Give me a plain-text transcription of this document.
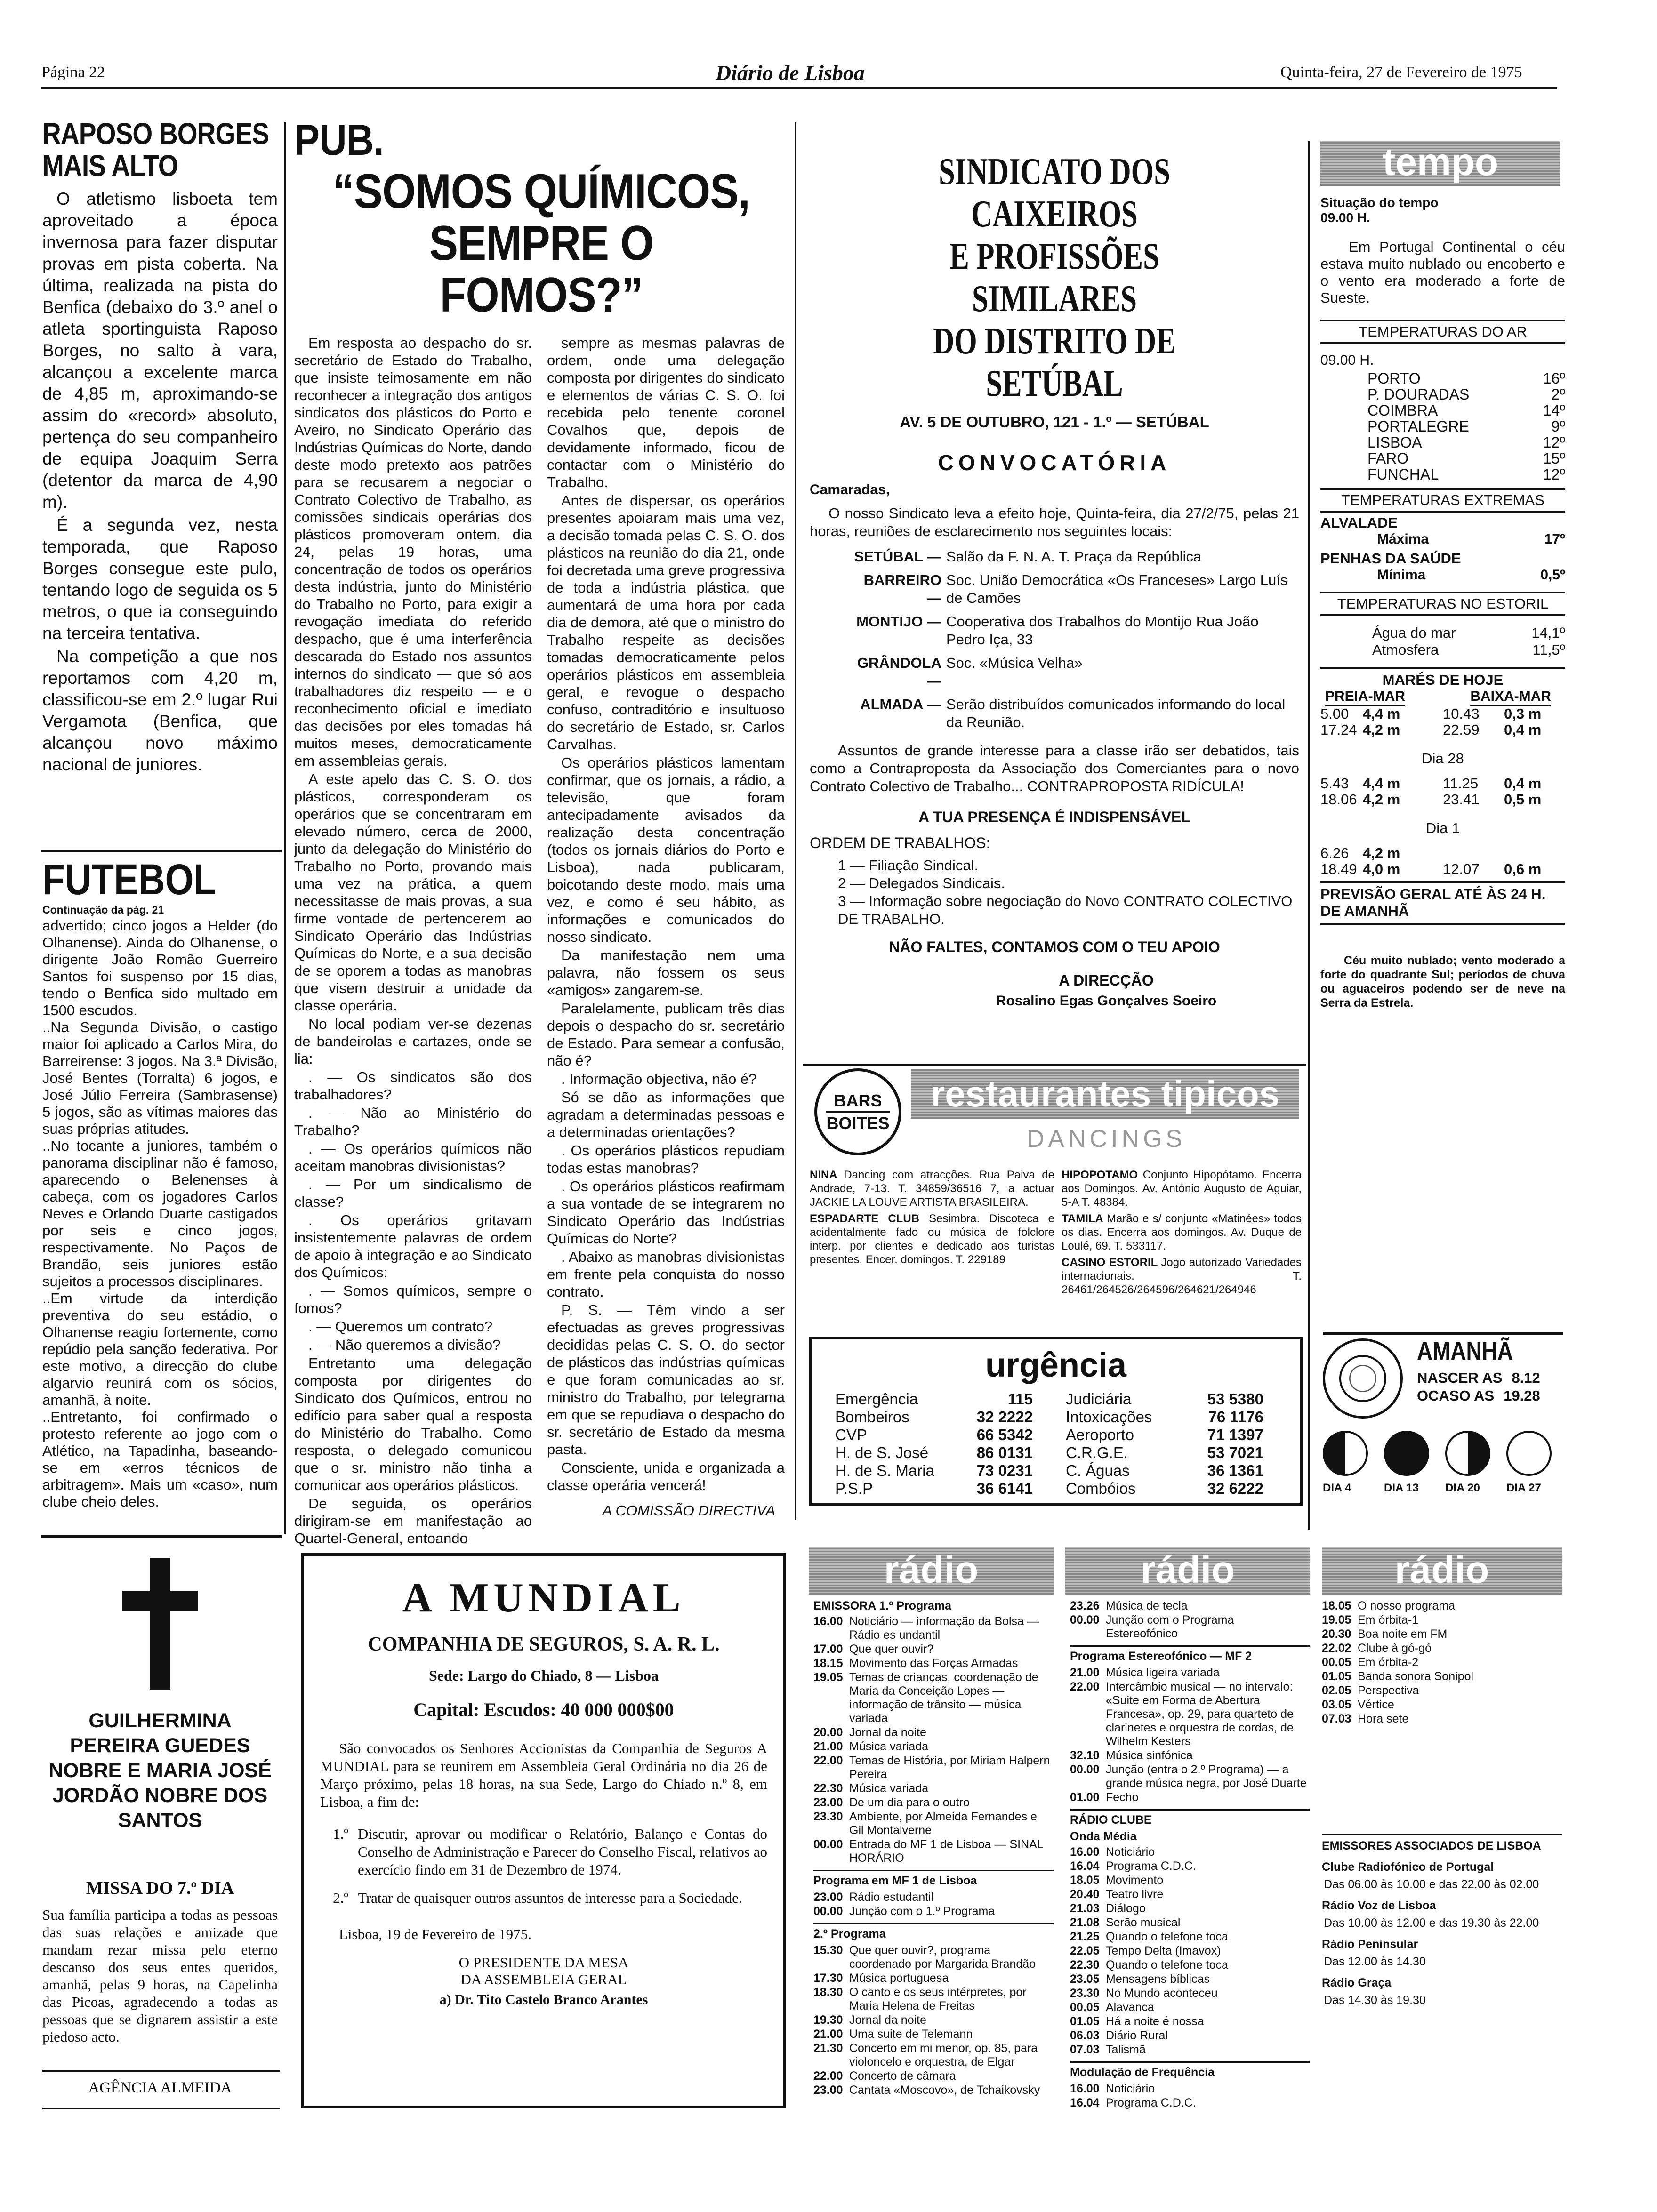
Página 22	Diário de Lisboa	Quinta-feira, 27 de Fevereiro de 1975
RAPOSO BORGES MAIS ALTO

O atletismo lisboeta tem aproveitado a época invernosa para fazer disputar provas em pista coberta. Na última, realizada na pista do Benfica (debaixo do 3.º anel o atleta sportinguista Raposo Borges, no salto à vara, alcançou a excelente marca de 4,85 m, aproximando-se assim do «record» absoluto, pertença do seu companheiro de equipa Joaquim Serra (detentor da marca de 4,90 m).

É a segunda vez, nesta temporada, que Raposo Borges consegue este pulo, tentando logo de seguida os 5 metros, o que ia conseguindo na terceira tentativa.

Na competição a que nos reportamos com 4,20 m, classificou-se em 2.º lugar Rui Vergamota (Benfica, que alcançou novo máximo nacional de juniores.

FUTEBOL
Continuação da pág. 21

advertido; cinco jogos a Helder (do Olhanense). Ainda do Olhanense, o dirigente João Romão Guerreiro Santos foi suspenso por 15 dias, tendo o Benfica sido multado em 1500 escudos.

..Na Segunda Divisão, o castigo maior foi aplicado a Carlos Mira, do Barreirense: 3 jogos. Na 3.ª Divisão, José Bentes (Torralta) 6 jogos, e José Júlio Ferreira (Sambrasense) 5 jogos, são as vítimas maiores das suas próprias atitudes.

..No tocante a juniores, também o panorama disciplinar não é famoso, aparecendo o Belenenses à cabeça, com os jogadores Carlos Neves e Orlando Duarte castigados por seis e cinco jogos, respectivamente. No Paços de Brandão, seis juniores estão sujeitos a processos disciplinares.

..Em virtude da interdição preventiva do seu estádio, o Olhanense reagiu fortemente, como repúdio pela sanção federativa. Por este motivo, a direcção do clube algarvio reunirá com os sócios, amanhã, à noite.

..Entretanto, foi confirmado o protesto referente ao jogo com o Atlético, na Tapadinha, baseando-se em «erros técnicos de arbitragem». Mais um «caso», num clube cheio deles.

GUILHERMINA PEREIRA GUEDES NOBRE E MARIA JOSÉ JORDÃO NOBRE DOS SANTOS
MISSA DO 7.º DIA

Sua família participa a todas as pessoas das suas relações e amizade que mandam rezar missa pelo eterno descanso dos seus entes queridos, amanhã, pelas 9 horas, na Capelinha das Picoas, agradecendo a todas as pessoas que se dignarem assistir a este piedoso acto.

AGÊNCIA ALMEIDA
PUB.
“SOMOS QUÍMICOS, SEMPRE O FOMOS?”

Em resposta ao despacho do sr. secretário de Estado do Trabalho, que insiste teimosamente em não reconhecer a integração dos antigos sindicatos dos plásticos do Porto e Aveiro, no Sindicato Operário das Indústrias Químicas do Norte, dando deste modo pretexto aos patrões para se recusarem a negociar o Contrato Colectivo de Trabalho, as comissões sindicais operárias dos plásticos promoveram ontem, dia 24, pelas 19 horas, uma concentração de todos os operários desta indústria, junto do Ministério do Trabalho no Porto, para exigir a revogação imediata do referido despacho, que é uma interferência descarada do Estado nos assuntos internos do sindicato — que só aos trabalhadores diz respeito — e o reconhecimento oficial e imediato das decisões por eles tomadas há muitos meses, democraticamente em assembleias gerais.

A este apelo das C. S. O. dos plásticos, corresponderam os operários que se concentraram em elevado número, cerca de 2000, junto da delegação do Ministério do Trabalho no Porto, provando mais uma vez na prática, a quem necessitasse de mais provas, a sua firme vontade de pertencerem ao Sindicato Operário das Indústrias Químicas do Norte, e a sua decisão de se oporem a todas as manobras que visem destruir a unidade da classe operária.

No local podiam ver-se dezenas de bandeirolas e cartazes, onde se lia:

. — Os sindicatos são dos trabalhadores?

. — Não ao Ministério do Trabalho?

. — Os operários químicos não aceitam manobras divisionistas?

. — Por um sindicalismo de classe?

. Os operários gritavam insistentemente palavras de ordem de apoio à integração e ao Sindicato dos Químicos:

. — Somos químicos, sempre o fomos?

. — Queremos um contrato?

. — Não queremos a divisão?

Entretanto uma delegação composta por dirigentes do Sindicato dos Químicos, entrou no edifício para saber qual a resposta do Ministério do Trabalho. Como resposta, o delegado comunicou que o sr. ministro não tinha a comunicar aos operários plásticos.

De seguida, os operários dirigiram-se em manifestação ao Quartel-General, entoando

sempre as mesmas palavras de ordem, onde uma delegação composta por dirigentes do sindicato e elementos de várias C. S. O. foi recebida pelo tenente coronel Covalhos que, depois de devidamente informado, ficou de contactar com o Ministério do Trabalho.

Antes de dispersar, os operários presentes apoiaram mais uma vez, a decisão tomada pelas C. S. O. dos plásticos na reunião do dia 21, onde foi decretada uma greve progressiva de toda a indústria plástica, que aumentará de uma hora por cada dia de demora, até que o ministro do Trabalho respeite as decisões tomadas democraticamente pelos operários plásticos em assembleia geral, e revogue o despacho confuso, contraditório e insultuoso do secretário de Estado, sr. Carlos Carvalhas.

Os operários plásticos lamentam confirmar, que os jornais, a rádio, a televisão, que foram antecipadamente avisados da realização desta concentração (todos os jornais diários do Porto e Lisboa), nada publicaram, boicotando deste modo, mais uma vez, e como é seu hábito, as informações e comunicados do nosso sindicato.

Da manifestação nem uma palavra, não fossem os seus «amigos» zangarem-se.

Paralelamente, publicam três dias depois o despacho do sr. secretário de Estado. Para semear a confusão, não é?

. Informação objectiva, não é?

Só se dão as informações que agradam a determinadas pessoas e a determinadas orientações?

. Os operários plásticos repudiam todas estas manobras?

. Os operários plásticos reafirmam a sua vontade de se integrarem no Sindicato Operário das Indústrias Químicas do Norte?

. Abaixo as manobras divisionistas em frente pela conquista do nosso contrato.

P. S. — Têm vindo a ser efectuadas as greves progressivas decididas pelas C. S. O. do sector de plásticos das indústrias químicas e que foram comunicadas ao sr. ministro do Trabalho, por telegrama em que se repudiava o despacho do sr. secretário de Estado da mesma pasta.

Consciente, unida e organizada a classe operária vencerá!

A COMISSÃO DIRECTIVA

A MUNDIAL
COMPANHIA DE SEGUROS, S. A. R. L.
Sede: Largo do Chiado, 8 — Lisboa
Capital: Escudos: 40 000 000$00

São convocados os Senhores Accionistas da Companhia de Seguros A MUNDIAL para se reunirem em Assembleia Geral Ordinária no dia 26 de Março próximo, pelas 18 horas, na sua Sede, Largo do Chiado n.º 8, em Lisboa, a fim de:

1.º Discutir, aprovar ou modificar o Relatório, Balanço e Contas do Conselho de Administração e Parecer do Conselho Fiscal, relativos ao exercício findo em 31 de Dezembro de 1974.
2.º Tratar de quaisquer outros assuntos de interesse para a Sociedade.
Lisboa, 19 de Fevereiro de 1975.
O PRESIDENTE DA MESA
DA ASSEMBLEIA GERAL
a) Dr. Tito Castelo Branco Arantes
SINDICATO DOS CAIXEIROS
E PROFISSÕES SIMILARES
DO DISTRITO DE SETÚBAL
AV. 5 DE OUTUBRO, 121 - 1.º — SETÚBAL
CONVOCATÓRIA
Camaradas,

O nosso Sindicato leva a efeito hoje, Quinta-feira, dia 27/2/75, pelas 21 horas, reuniões de esclarecimento nos seguintes locais:

SETÚBAL — Salão da F. N. A. T. Praça da República
BARREIRO —
Soc. União Democrática «Os Franceses» Largo Luís de Camões
MONTIJO — Cooperativa dos Trabalhos do Montijo Rua João Pedro Iça, 33
GRÂNDOLA —
Soc. «Música Velha»
ALMADA — Serão distribuídos comunicados informando do local da Reunião.

Assuntos de grande interesse para a classe irão ser debatidos, tais como a Contraproposta da Associação dos Comerciantes para o novo Contrato Colectivo de Trabalho... CONTRAPROPOSTA RIDÍCULA!

A TUA PRESENÇA É INDISPENSÁVEL
ORDEM DE TRABALHOS:
1 — Filiação Sindical.
2 — Delegados Sindicais.
3 — Informação sobre negociação do Novo CONTRATO COLECTIVO DE TRABALHO.
NÃO FALTES, CONTAMOS COM O TEU APOIO
A DIRECÇÃO
Rosalino Egas Gonçalves Soeiro
BARS
BOITES
restaurantes tipicos
DANCINGS
NINA Dancing com atracções. Rua Paiva de Andrade, 7-13. T. 34859/36516 7, a actuar JACKIE LA LOUVE ARTISTA BRASILEIRA.
ESPADARTE CLUB Sesimbra. Discoteca e acidentalmente fado ou música de folclore interp. por clientes e dedicado aos turistas presentes. Encer. domingos. T. 229189
HIPOPOTAMO Conjunto Hipopótamo. Encerra aos Domingos. Av. António Augusto de Aguiar, 5-A T. 48384.
TAMILA Marão e s/ conjunto «Matinées» todos os dias. Encerra aos domingos. Av. Duque de Loulé, 69. T. 533117.
CASINO ESTORIL Jogo autorizado Variedades internacionais. T. 26461/264526/264596/264621/264946
urgência
Emergência	115
Bombeiros	32 2222
CVP	66 5342
H. de S. José	86 0131
H. de S. Maria	73 0231
P.S.P	36 6141
Judiciária	53 5380
Intoxicações	76 1176
Aeroporto	71 1397
C.R.G.E.	53 7021
C. Águas	36 1361
Combóios	32 6222
tempo
Situação do tempo
09.00 H.

Em Portugal Continental o céu estava muito nublado ou encoberto e o vento era moderado a forte de Sueste.

TEMPERATURAS DO AR
09.00 H.
PORTO	16º
P. DOURADAS	2º
COIMBRA	14º
PORTALEGRE	9º
LISBOA	12º
FARO	15º
FUNCHAL	12º
TEMPERATURAS EXTREMAS
ALVALADE
Máxima	17º
PENHAS DA SAÚDE
Mínima	0,5º
TEMPERATURAS NO ESTORIL
Água do mar	14,1º
Atmosfera	11,5º
MARÉS DE HOJE
PREIA-MAR	BAIXA-MAR
5.00 4,4 m	10.43	0,3 m
17.24 4,2 m	22.59	0,4 m
Dia 28
5.43 4,4 m	11.25	0,4 m
18.06 4,2 m	23.41	0,5 m
Dia 1
6.26 4,2 m
18.49 4,0 m	12.07	0,6 m
PREVISÃO GERAL ATÉ ÀS 24 H. DE AMANHÃ

Céu muito nublado; vento moderado a forte do quadrante Sul; períodos de chuva ou aguaceiros podendo ser de neve na Serra da Estrela.

AMANHÃ
NASCER AS 8.12
OCASO AS 19.28
DIA 4	DIA 13	DIA 20	DIA 27
rádio	rádio	rádio
EMISSORA 1.º Programa
16.00 Noticiário — informação da Bolsa — Rádio es undantil
17.00 Que quer ouvir?
18.15 Movimento das Forças Armadas
19.05 Temas de crianças, coordenação de Maria da Conceição Lopes — informação de trânsito — música variada
20.00 Jornal da noite
21.00 Música variada
22.00 Temas de História, por Miriam Halpern Pereira
22.30 Música variada
23.00 De um dia para o outro
23.30 Ambiente, por Almeida Fernandes e Gil Montalverne
00.00 Entrada do MF 1 de Lisboa — SINAL HORÁRIO
Programa em MF 1 de Lisboa
23.00 Rádio estudantil
00.00 Junção com o 1.º Programa
2.º Programa
15.30 Que quer ouvir?, programa coordenado por Margarida Brandão
17.30 Música portuguesa
18.30 O canto e os seus intérpretes, por Maria Helena de Freitas
19.30 Jornal da noite
21.00 Uma suite de Telemann
21.30 Concerto em mi menor, op. 85, para violoncelo e orquestra, de Elgar
22.00 Concerto de câmara
23.00 Cantata «Moscovo», de Tchaikovsky
23.26 Música de tecla
00.00 Junção com o Programa Estereofónico
Programa Estereofónico — MF 2
21.00 Música ligeira variada
22.00 Intercâmbio musical — no intervalo: «Suite em Forma de Abertura Francesa», op. 29, para quarteto de clarinetes e orquestra de cordas, de Wilhelm Kesters
32.10 Música sinfónica
00.00 Junção (entra o 2.º Programa) — a grande música negra, por José Duarte
01.00 Fecho
RÁDIO CLUBE
Onda Média
16.00 Noticiário
16.04 Programa C.D.C.
18.05 Movimento
20.40 Teatro livre
21.03 Diálogo
21.08 Serão musical
21.25 Quando o telefone toca
22.05 Tempo Delta (Imavox)
22.30 Quando o telefone toca
23.05 Mensagens bíblicas
23.30 No Mundo aconteceu
00.05 Alavanca
01.05 Há a noite é nossa
06.03 Diário Rural
07.03 Talismã
Modulação de Frequência
16.00 Noticiário
16.04 Programa C.D.C.
18.05 O nosso programa
19.05 Em órbita-1
20.30 Boa noite em FM
22.02 Clube à gó-gó
00.05 Em órbita-2
01.05 Banda sonora Sonipol
02.05 Perspectiva
03.05 Vértice
07.03 Hora sete
EMISSORES ASSOCIADOS DE LISBOA
Clube Radiofónico de Portugal
Das 06.00 às 10.00 e das 22.00 às 02.00
Rádio Voz de Lisboa
Das 10.00 às 12.00 e das 19.30 às 22.00
Rádio Peninsular
Das 12.00 às 14.30
Rádio Graça
Das 14.30 às 19.30
